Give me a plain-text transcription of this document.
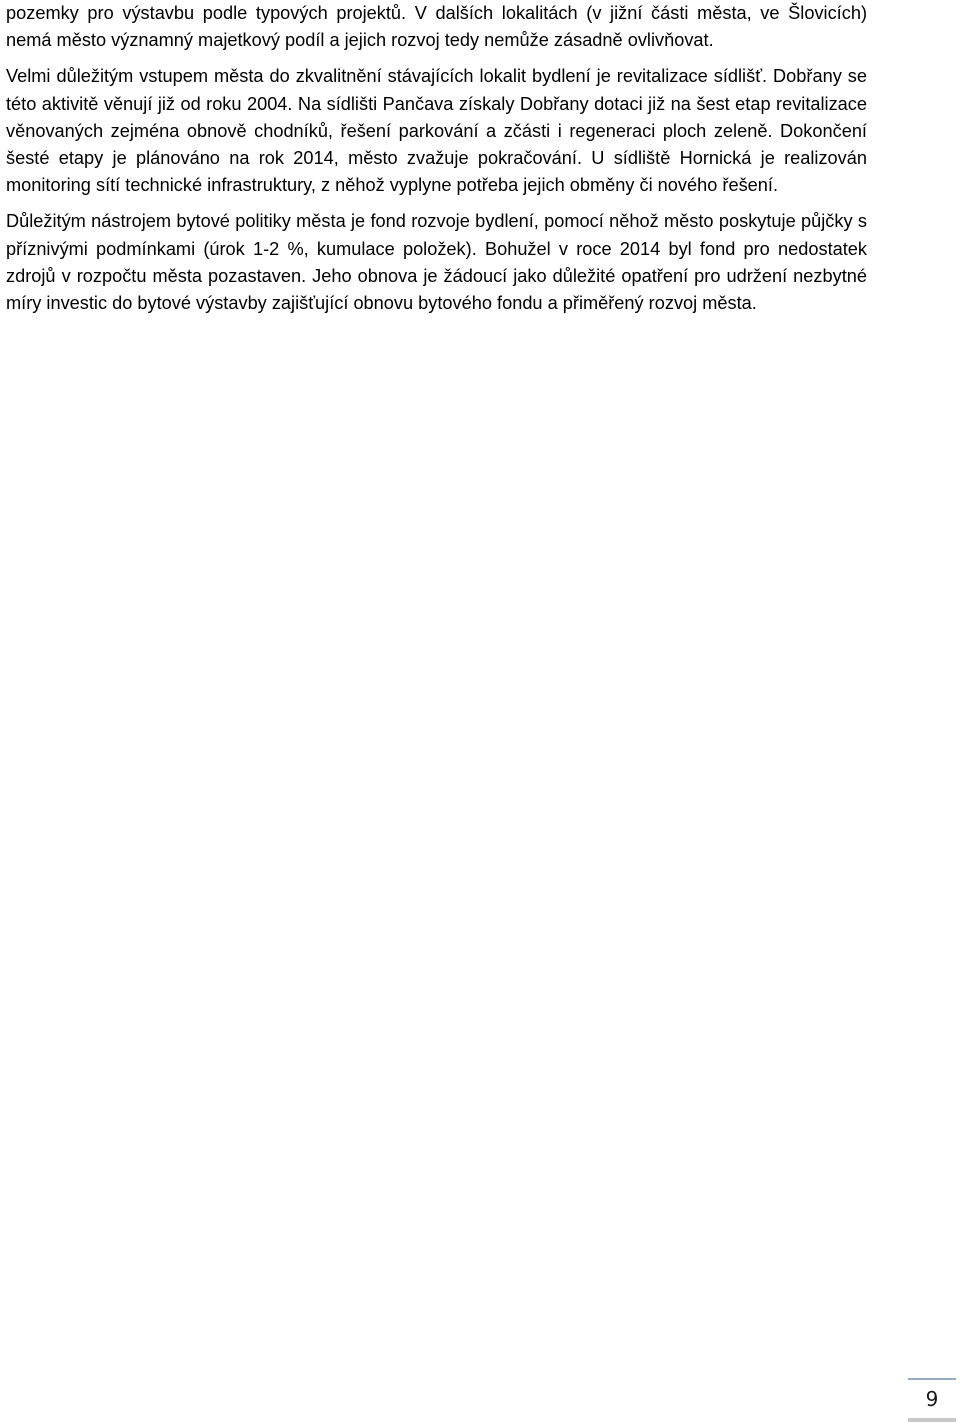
pozemky pro výstavbu podle typových projektů. V dalších lokalitách (v jižní části města, ve Šlovicích) nemá město významný majetkový podíl a jejich rozvoj tedy nemůže zásadně ovlivňovat.

Velmi důležitým vstupem města do zkvalitnění stávajících lokalit bydlení je revitalizace sídlišť. Dobřany se této aktivitě věnují již od roku 2004. Na sídlišti Pančava získaly Dobřany dotaci již na šest etap revitalizace věnovaných zejména obnově chodníků, řešení parkování a zčásti i regeneraci ploch zeleně. Dokončení šesté etapy je plánováno na rok 2014, město zvažuje pokračování. U sídliště Hornická je realizován monitoring sítí technické infrastruktury, z něhož vyplyne potřeba jejich obměny či nového řešení.

Důležitým nástrojem bytové politiky města je fond rozvoje bydlení, pomocí něhož město poskytuje půjčky s příznivými podmínkami (úrok 1-2 %, kumulace položek). Bohužel v roce 2014 byl fond pro nedostatek zdrojů v rozpočtu města pozastaven. Jeho obnova je žádoucí jako důležité opatření pro udržení nezbytné míry investic do bytové výstavby zajišťující obnovu bytového fondu a přiměřený rozvoj města.

9
